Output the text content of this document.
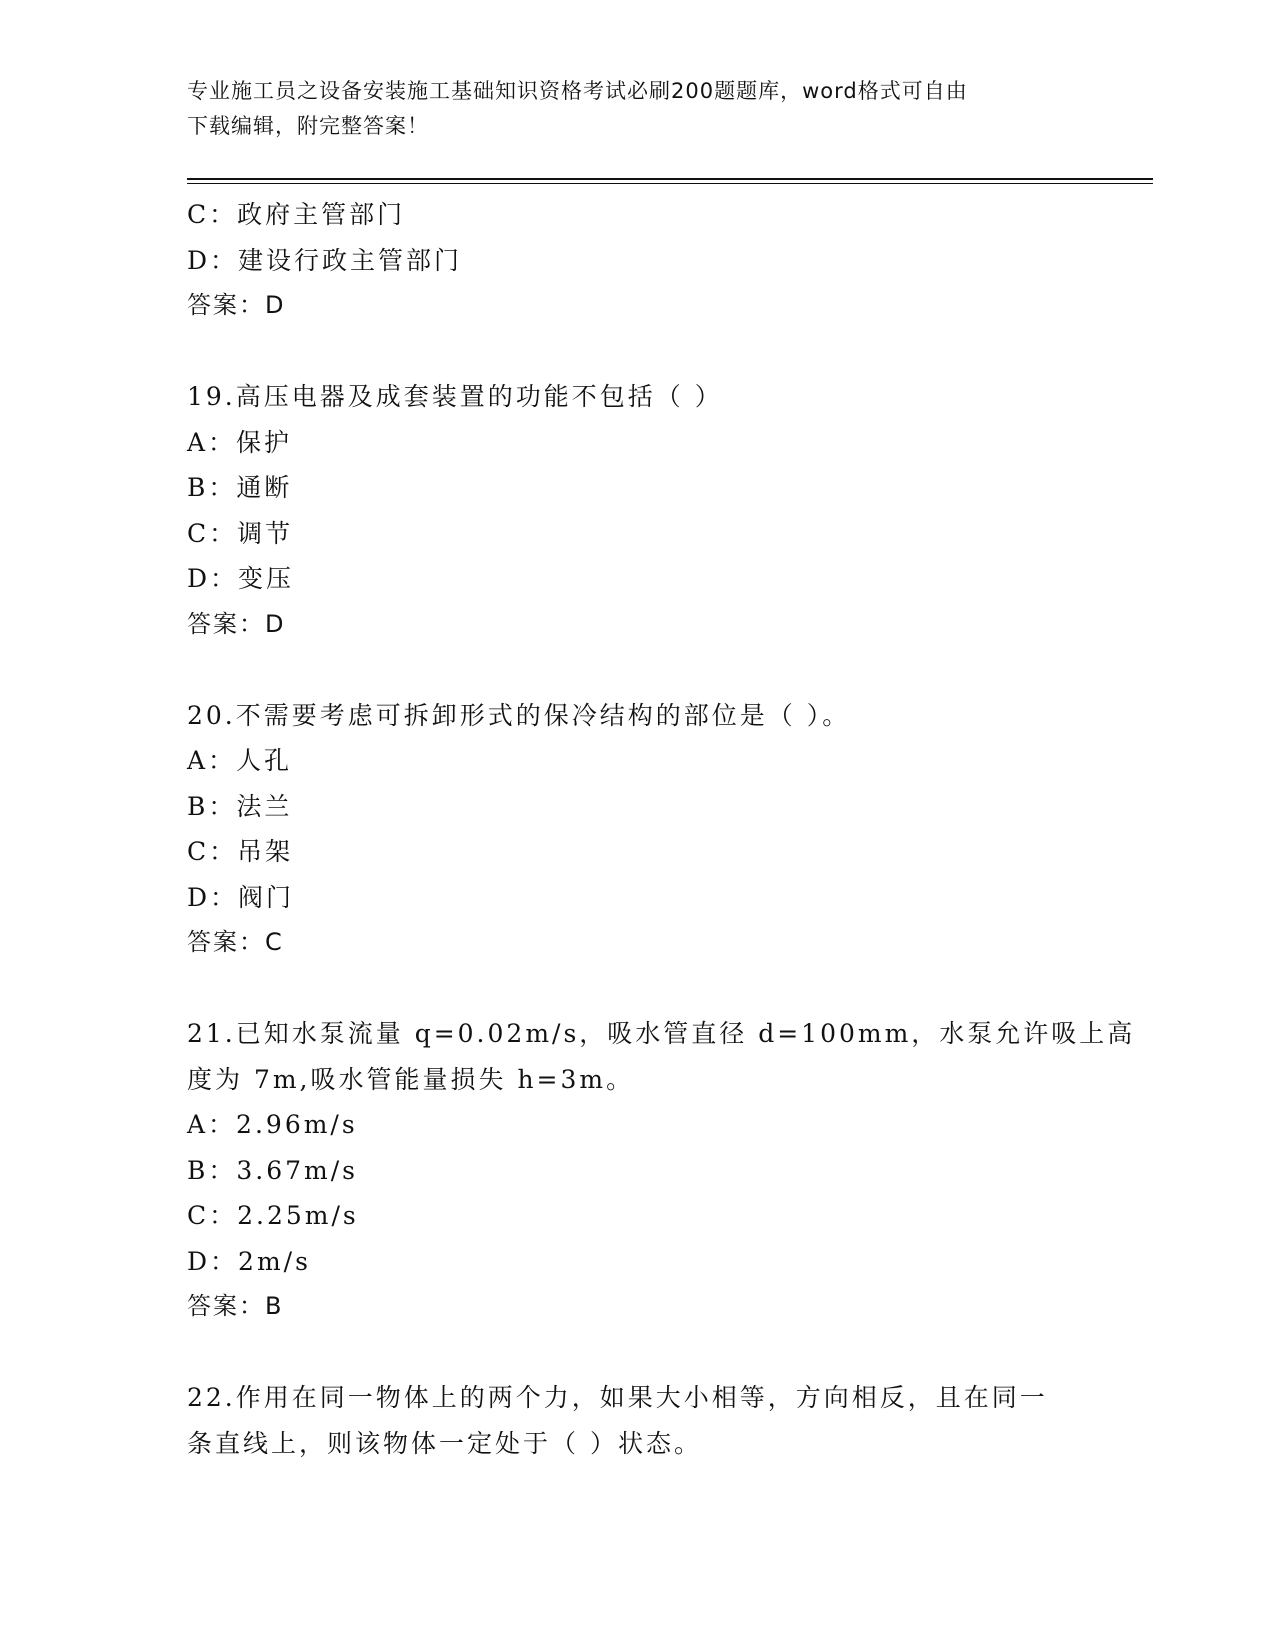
专业施工员之设备安装施工基础知识资格考试必刷200题题库，word格式可自由
下载编辑，附完整答案！
C：政府主管部门
D：建设行政主管部门
答案：D
19.高压电器及成套装置的功能不包括（ ）
A：保护
B：通断
C：调节
D：变压
答案：D
20.不需要考虑可拆卸形式的保冷结构的部位是（ ）。
A：人孔
B：法兰
C：吊架
D：阀门
答案：C
21.已知水泵流量 q=0.02m/s，吸水管直径 d=100mm，水泵允许吸上高
度为 7m,吸水管能量损失 h=3m。
A：2.96m/s
B：3.67m/s
C：2.25m/s
D：2m/s
答案：B
22.作用在同一物体上的两个力，如果大小相等，方向相反，且在同一
条直线上，则该物体一定处于（ ）状态。
